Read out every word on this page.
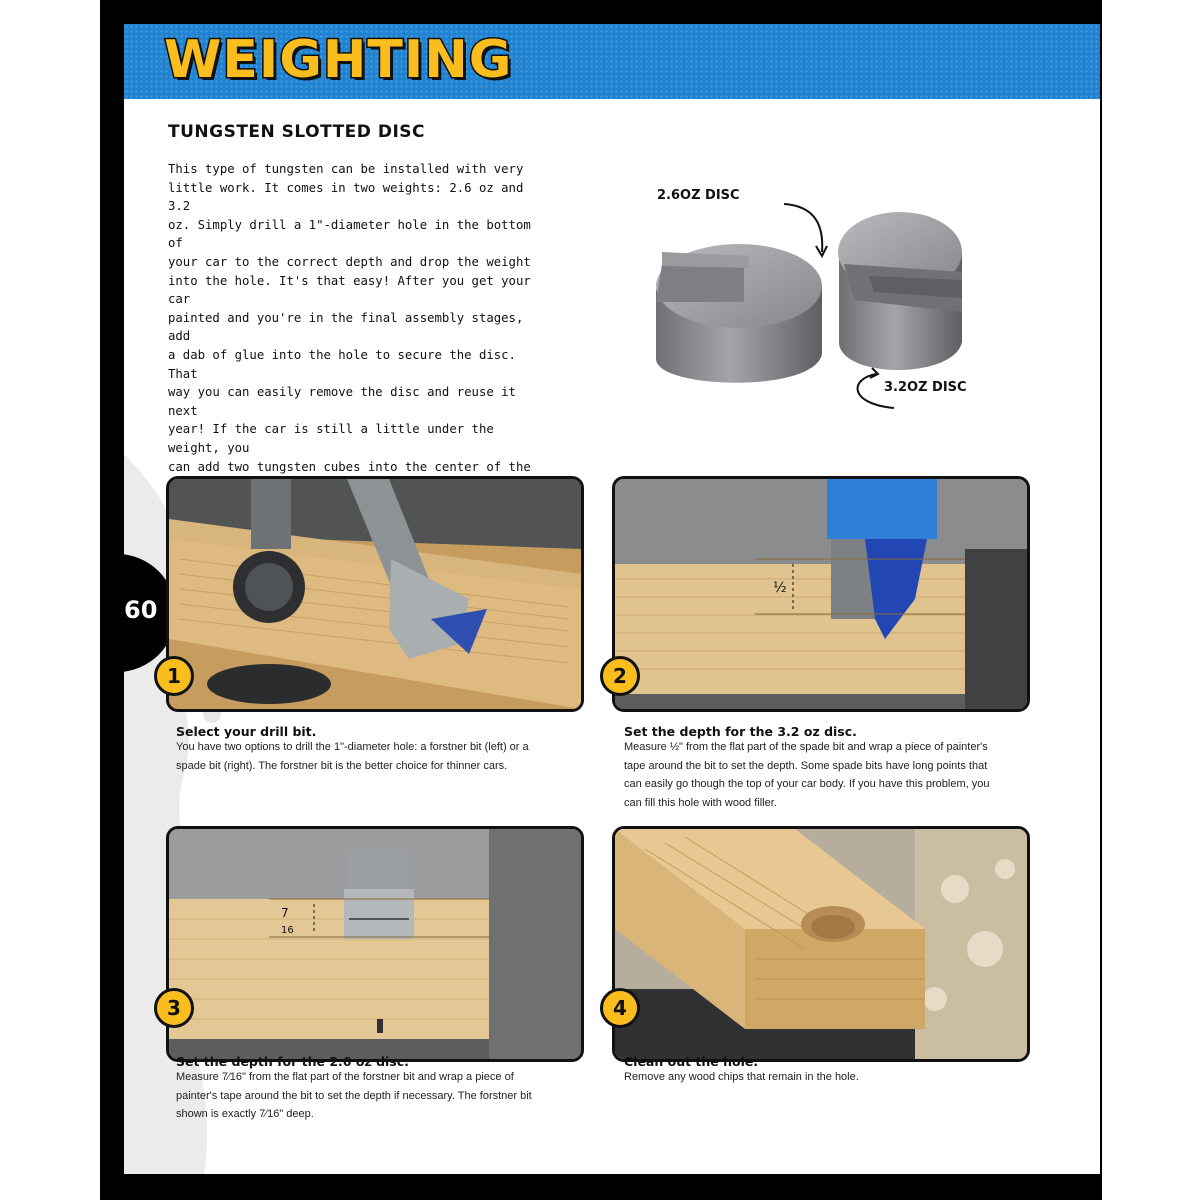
WEIGHTING
60
TUNGSTEN SLOTTED DISC
This type of tungsten can be installed with very
little work. It comes in two weights: 2.6 oz and 3.2
oz. Simply drill a 1"-diameter hole in the bottom of
your car to the correct depth and drop the weight
into the hole. It's that easy! After you get your car
painted and you're in the final assembly stages, add
a dab of glue into the hole to secure the disc. That
way you can easily remove the disc and reuse it next
year! If the car is still a little under the weight, you
can add two tungsten cubes into the center of the
2.6OZ DISC
3.2OZ DISC
1
Select your drill bit.
You have two options to drill the 1"-diameter hole: a forstner bit (left) or a
spade bit (right). The forstner bit is the better choice for thinner cars.
½
2
Set the depth for the 3.2 oz disc.
Measure ½" from the flat part of the spade bit and wrap a piece of painter's
tape around the bit to set the depth. Some spade bits have long points that
can easily go though the top of your car body. If you have this problem, you
can fill this hole with wood filler.
7
16
3
Set the depth for the 2.6 oz disc.
Measure 7⁄16" from the flat part of the forstner bit and wrap a piece of
painter's tape around the bit to set the depth if necessary. The forstner bit
shown is exactly 7⁄16" deep.
4
Clean out the hole.
Remove any wood chips that remain in the hole.
